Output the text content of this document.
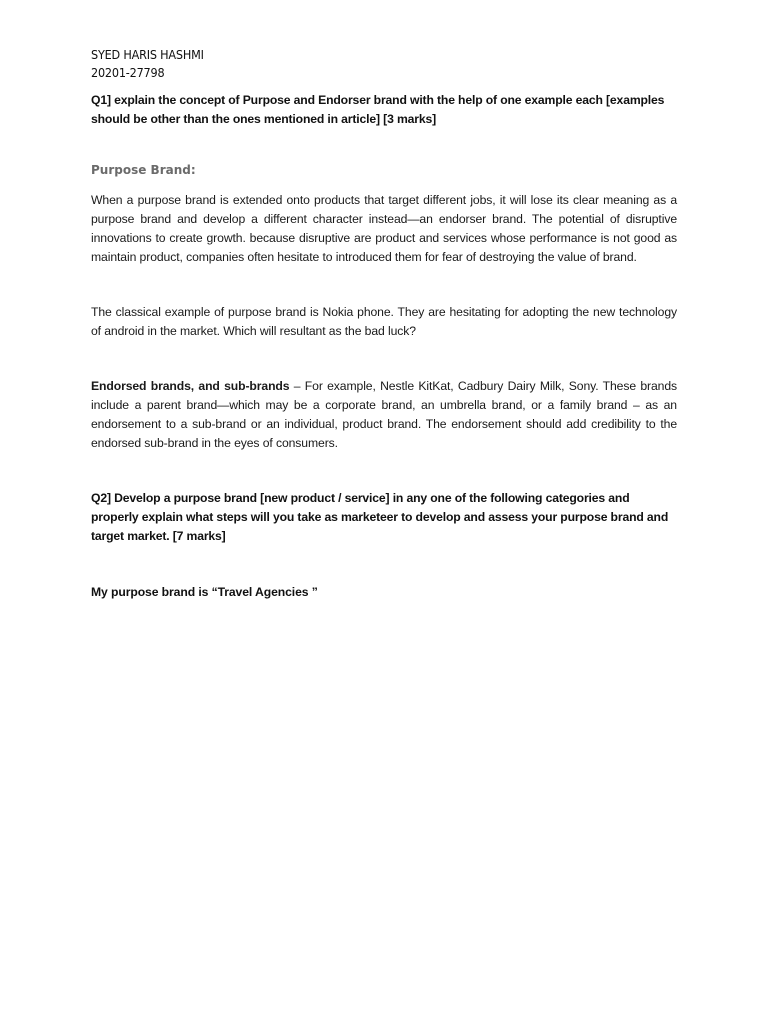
SYED HARIS HASHMI
20201-27798
Q1] explain the concept of Purpose and Endorser brand with the help of one example each [examples should be other than the ones mentioned in article] [3 marks]
Purpose Brand:

When a purpose brand is extended onto products that target different jobs, it will lose its clear meaning as a purpose brand and develop a different character instead—an endorser brand. The potential of disruptive innovations to create growth. because disruptive are product and services whose performance is not good as maintain product, companies often hesitate to introduced them for fear of destroying the value of brand.

The classical example of purpose brand is Nokia phone. They are hesitating for adopting the new technology of android in the market. Which will resultant as the bad luck?

Endorsed brands, and sub-brands – For example, Nestle KitKat, Cadbury Dairy Milk, Sony. These brands include a parent brand—which may be a corporate brand, an umbrella brand, or a family brand – as an endorsement to a sub-brand or an individual, product brand. The endorsement should add credibility to the endorsed sub-brand in the eyes of consumers.

Q2] Develop a purpose brand [new product / service] in any one of the following categories and properly explain what steps will you take as marketeer to develop and assess your purpose brand and target market. [7 marks]
My purpose brand is “Travel Agencies ”
